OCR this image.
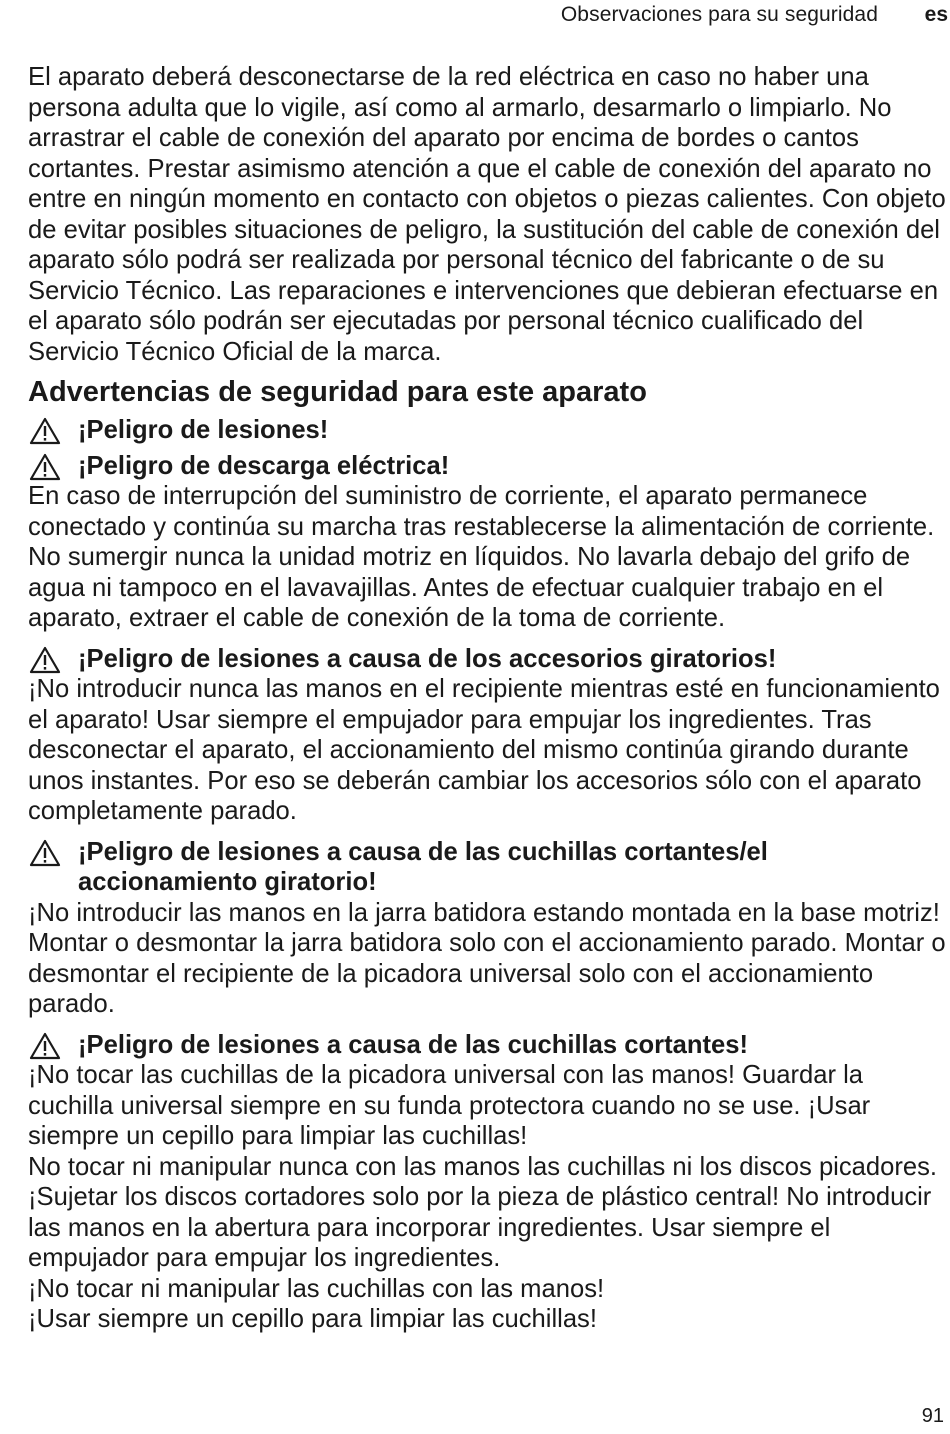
Observaciones para su seguridad es

El aparato deberá desconectarse de la red eléctrica en caso no haber una persona adulta que lo vigile, así como al armarlo, desarmarlo o limpiarlo. No arrastrar el cable de conexión del aparato por encima de bordes o cantos cortantes. Prestar asimismo atención a que el cable de conexión del aparato no entre en ningún momento en contacto con objetos o piezas calientes. Con objeto de evitar posibles situaciones de peligro, la sustitución del cable de conexión del aparato sólo podrá ser realizada por personal técnico del fabricante o de su Servicio Técnico. Las reparaciones e intervenciones que debieran efectuarse en el aparato sólo podrán ser ejecutadas por personal técnico cualificado del Servicio Técnico Oficial de la marca.

Advertencias de seguridad para este aparato

¡Peligro de lesiones!
¡Peligro de descarga eléctrica!

En caso de interrupción del suministro de corriente, el aparato permanece conectado y continúa su marcha tras restablecerse la alimentación de corriente. No sumergir nunca la unidad motriz en líquidos. No lavarla debajo del grifo de agua ni tampoco en el lavavajillas. Antes de efectuar cualquier trabajo en el aparato, extraer el cable de conexión de la toma de corriente.

¡Peligro de lesiones a causa de los accesorios giratorios!

¡No introducir nunca las manos en el recipiente mientras esté en funcionamiento el aparato! Usar siempre el empujador para empujar los ingredientes. Tras desconectar el aparato, el accionamiento del mismo continúa girando durante unos instantes. Por eso se deberán cambiar los accesorios sólo con el aparato completamente parado.

¡Peligro de lesiones a causa de las cuchillas cortantes/el accionamiento giratorio!

¡No introducir las manos en la jarra batidora estando montada en la base motriz! Montar o desmontar la jarra batidora solo con el accionamiento parado. Montar o desmontar el recipiente de la picadora universal solo con el accionamiento parado.

¡Peligro de lesiones a causa de las cuchillas cortantes!

¡No tocar las cuchillas de la picadora universal con las manos! Guardar la cuchilla universal siempre en su funda protectora cuando no se use. ¡Usar siempre un cepillo para limpiar las cuchillas!

No tocar ni manipular nunca con las manos las cuchillas ni los discos picadores. ¡Sujetar los discos cortadores solo por la pieza de plástico central! No introducir las manos en la abertura para incorporar ingredientes. Usar siempre el empujador para empujar los ingredientes.

¡No tocar ni manipular las cuchillas con las manos!

¡Usar siempre un cepillo para limpiar las cuchillas!

91
